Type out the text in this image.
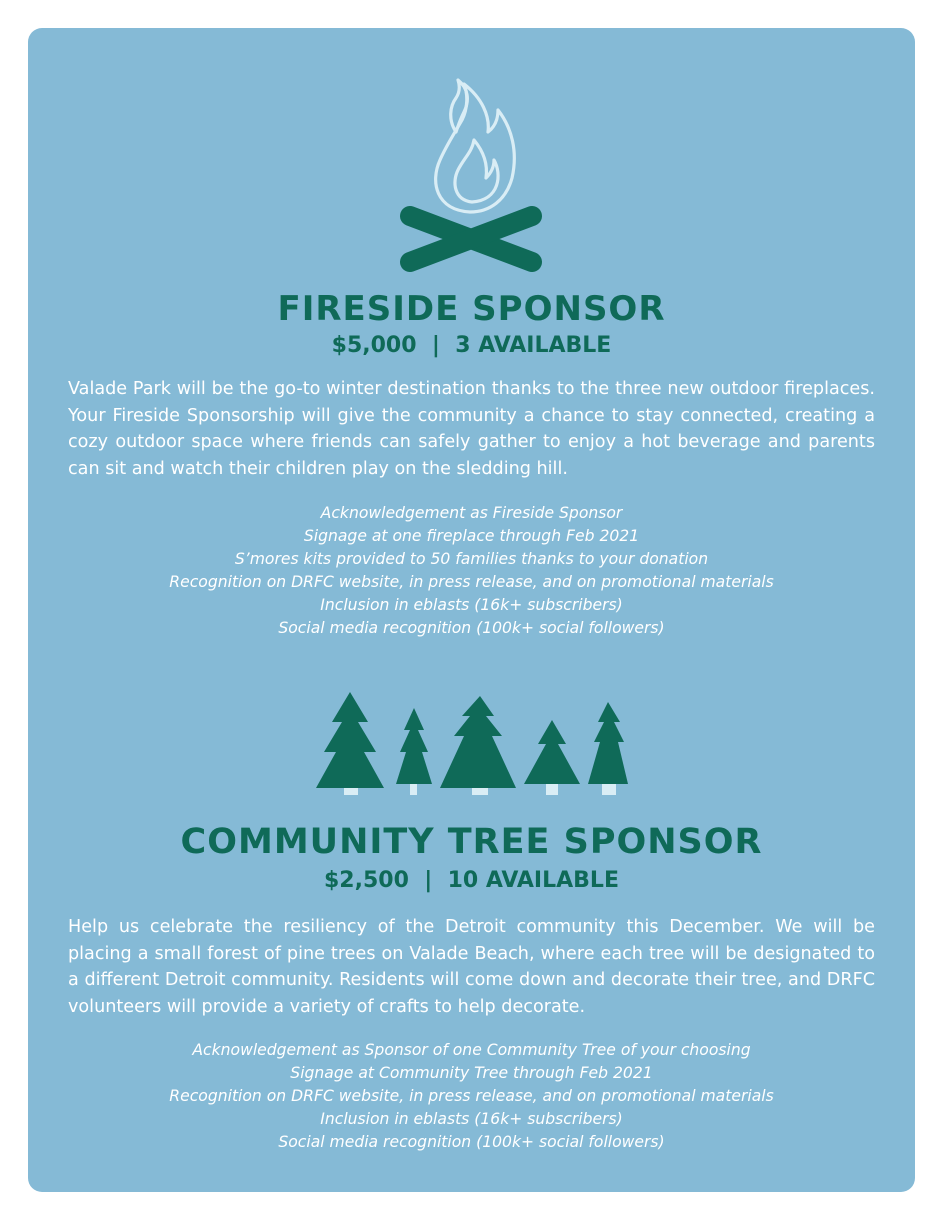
FIRESIDE SPONSOR
$5,000  |  3 AVAILABLE

Valade Park will be the go-to winter destination thanks to the three new outdoor fireplaces. Your Fireside Sponsorship will give the community a chance to stay connected, creating a cozy outdoor space where friends can safely gather to enjoy a hot beverage and parents can sit and watch their children play on the sledding hill.

Acknowledgement as Fireside Sponsor
Signage at one fireplace through Feb 2021
S’mores kits provided to 50 families thanks to your donation
Recognition on DRFC website, in press release, and on promotional materials
Inclusion in eblasts (16k+ subscribers)
Social media recognition (100k+ social followers)
COMMUNITY TREE SPONSOR
$2,500  |  10 AVAILABLE

Help us celebrate the resiliency of the Detroit community this December. We will be placing a small forest of pine trees on Valade Beach, where each tree will be designated to a different Detroit community. Residents will come down and decorate their tree, and DRFC volunteers will provide a variety of crafts to help decorate.

Acknowledgement as Sponsor of one Community Tree of your choosing
Signage at Community Tree through Feb 2021
Recognition on DRFC website, in press release, and on promotional materials
Inclusion in eblasts (16k+ subscribers)
Social media recognition (100k+ social followers)
